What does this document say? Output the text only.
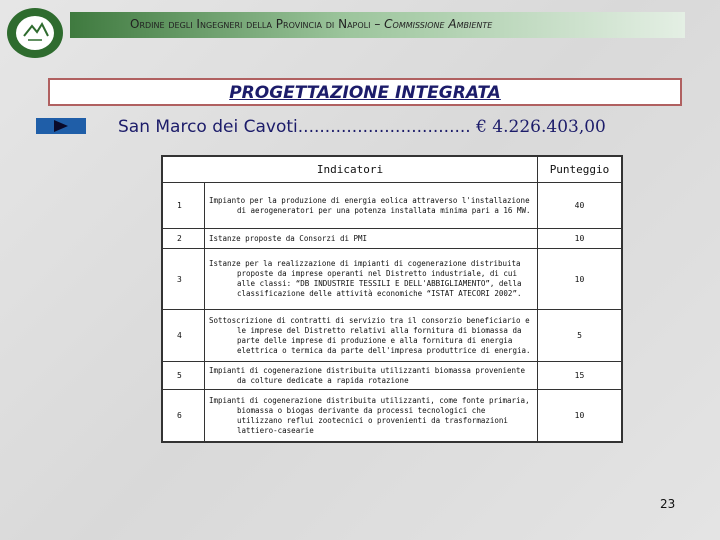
Ordine degli Ingegneri della Provincia di Napoli – Commissione Ambiente
PROGETTAZIONE INTEGRATA
San Marco dei Cavoti................................ € 4.226.403,00
Indicatori		Punteggio
1	Impianto per la produzione di energia eolica attraverso l'installazione di aerogeneratori per una potenza installata minima pari a 16 MW.	40
2	Istanze proposte da Consorzi di PMI	10
3	Istanze per la realizzazione di impianti di cogenerazione distribuita proposte da imprese operanti nel Distretto industriale, di cui alle classi: “DB INDUSTRIE TESSILI E DELL'ABBIGLIAMENTO”, della classificazione delle attività economiche “ISTAT ATECORI 2002”.	10
4	Sottoscrizione di contratti di servizio tra il consorzio beneficiario e le imprese del Distretto relativi alla fornitura di biomassa da parte delle imprese di produzione e alla fornitura di energia elettrica o termica da parte dell'impresa produttrice di energia.	5
5	Impianti di cogenerazione distribuita utilizzanti biomassa proveniente da colture dedicate a rapida rotazione	15
6	Impianti di cogenerazione distribuita utilizzanti, come fonte primaria, biomassa o biogas derivante da processi tecnologici che utilizzano reflui zootecnici o provenienti da trasformazioni lattiero-casearie	10
23
